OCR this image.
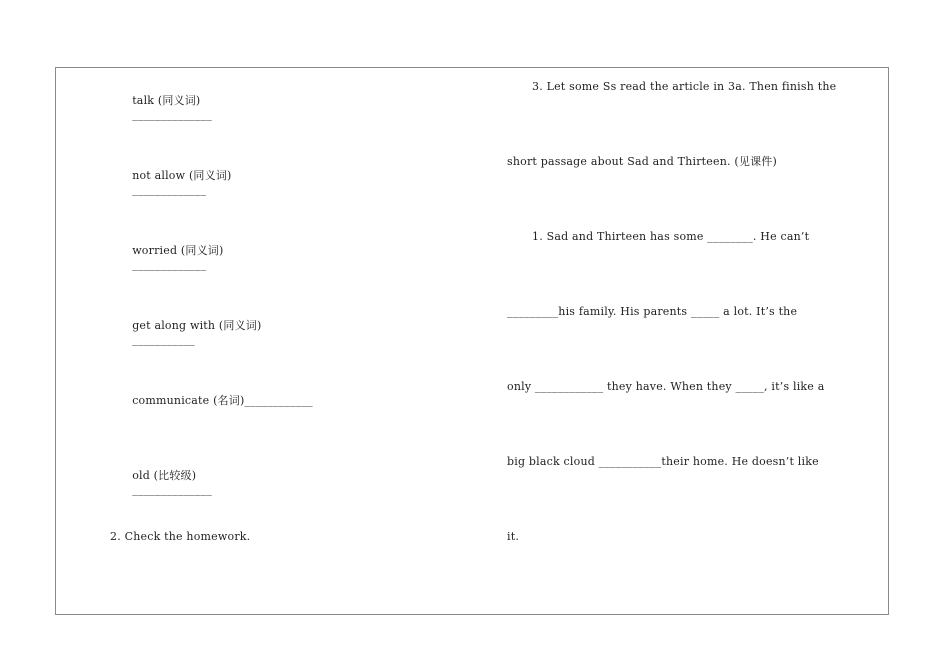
talk (同义词)
______________

not allow (同义词)
_____________

worried (同义词)
_____________

get along with (同义词)
___________

communicate (名词)____________

old (比较级)
______________

2. Check the homework.
3. Let some Ss read the article in 3a. Then finish the
short passage about Sad and Thirteen. (见课件)
1. Sad and Thirteen has some ________. He can’t
_________his family. His parents _____ a lot. It’s the
only ____________ they have. When they _____, it’s like a
big black cloud ___________their home. He doesn’t like
it.
